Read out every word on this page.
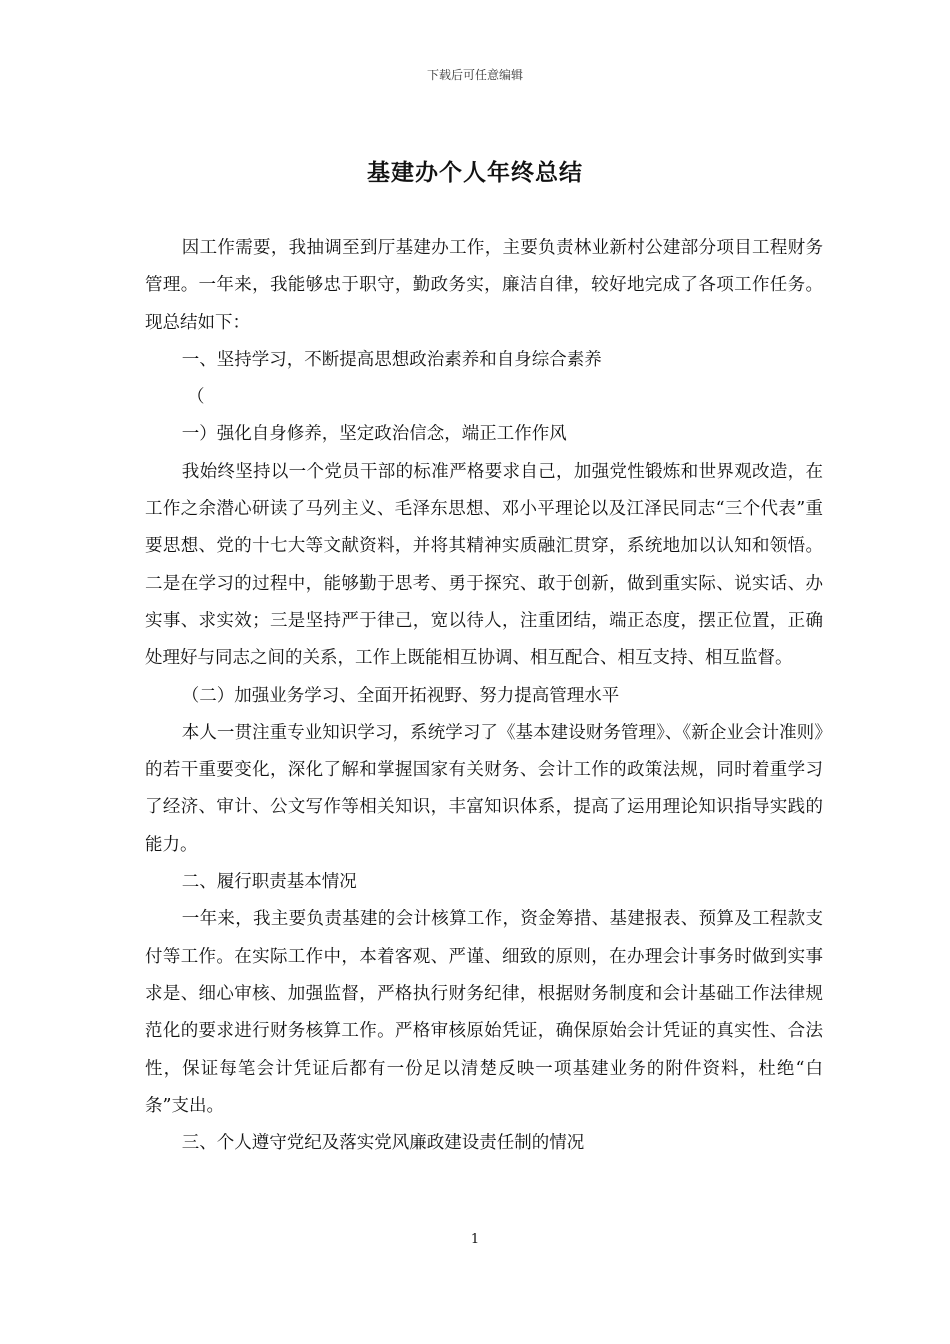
下载后可任意编辑
基建办个人年终总结

因工作需要，我抽调至到厅基建办工作，主要负责林业新村公建部分项目工程财务管理。一年来，我能够忠于职守，勤政务实，廉洁自律，较好地完成了各项工作任务。现总结如下：

一、坚持学习，不断提高思想政治素养和自身综合素养

（

一）强化自身修养，坚定政治信念，端正工作作风

我始终坚持以一个党员干部的标准严格要求自己，加强党性锻炼和世界观改造，在工作之余潜心研读了马列主义、毛泽东思想、邓小平理论以及江泽民同志“三个代表”重要思想、党的十七大等文献资料，并将其精神实质融汇贯穿，系统地加以认知和领悟。二是在学习的过程中，能够勤于思考、勇于探究、敢于创新，做到重实际、说实话、办实事、求实效；三是坚持严于律己，宽以待人，注重团结，端正态度，摆正位置，正确处理好与同志之间的关系，工作上既能相互协调、相互配合、相互支持、相互监督。

（二）加强业务学习、全面开拓视野、努力提高管理水平

本人一贯注重专业知识学习，系统学习了《基本建设财务管理》、《新企业会计准则》的若干重要变化，深化了解和掌握国家有关财务、会计工作的政策法规，同时着重学习了经济、审计、公文写作等相关知识，丰富知识体系，提高了运用理论知识指导实践的能力。

二、履行职责基本情况

一年来，我主要负责基建的会计核算工作，资金筹措、基建报表、预算及工程款支付等工作。在实际工作中，本着客观、严谨、细致的原则，在办理会计事务时做到实事求是、细心审核、加强监督，严格执行财务纪律，根据财务制度和会计基础工作法律规范化的要求进行财务核算工作。严格审核原始凭证，确保原始会计凭证的真实性、合法性，保证每笔会计凭证后都有一份足以清楚反映一项基建业务的附件资料，杜绝“白条”支出。

三、个人遵守党纪及落实党风廉政建设责任制的情况

1
